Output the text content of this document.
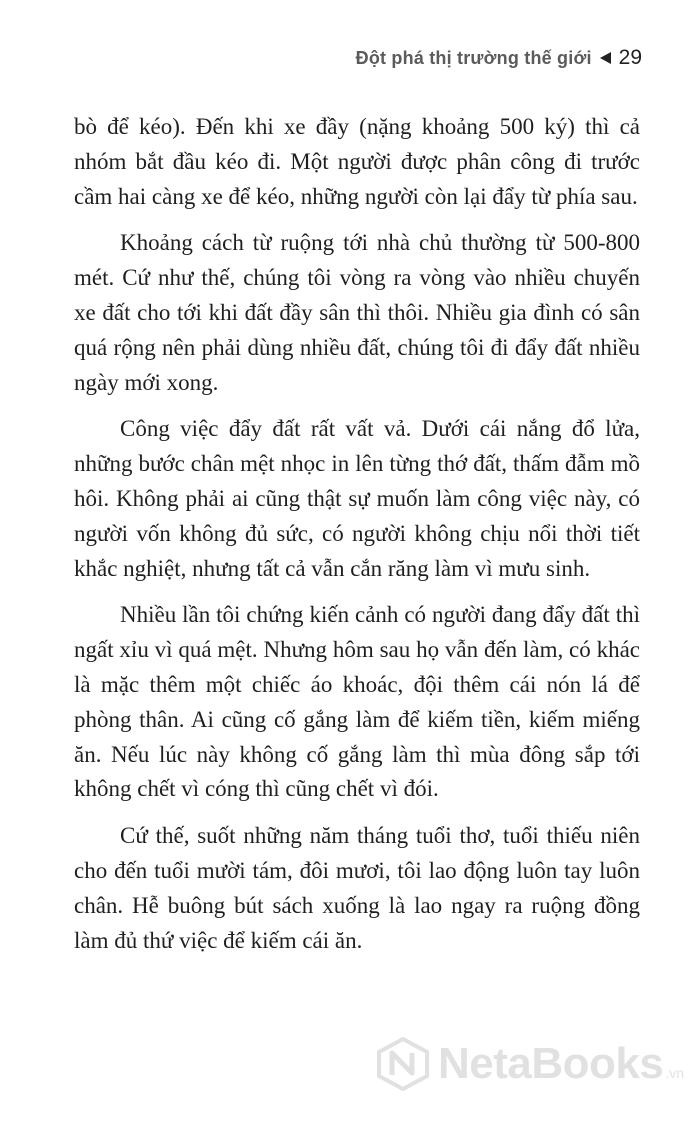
Đột phá thị trường thế giới 29

bò để kéo). Đến khi xe đầy (nặng khoảng 500 ký) thì cả nhóm bắt đầu kéo đi. Một người được phân công đi trước cầm hai càng xe để kéo, những người còn lại đẩy từ phía sau.

Khoảng cách từ ruộng tới nhà chủ thường từ 500-800 mét. Cứ như thế, chúng tôi vòng ra vòng vào nhiều chuyến xe đất cho tới khi đất đầy sân thì thôi. Nhiều gia đình có sân quá rộng nên phải dùng nhiều đất, chúng tôi đi đẩy đất nhiều ngày mới xong.

Công việc đẩy đất rất vất vả. Dưới cái nắng đổ lửa, những bước chân mệt nhọc in lên từng thớ đất, thấm đẫm mồ hôi. Không phải ai cũng thật sự muốn làm công việc này, có người vốn không đủ sức, có người không chịu nổi thời tiết khắc nghiệt, nhưng tất cả vẫn cắn răng làm vì mưu sinh.

Nhiều lần tôi chứng kiến cảnh có người đang đẩy đất thì ngất xỉu vì quá mệt. Nhưng hôm sau họ vẫn đến làm, có khác là mặc thêm một chiếc áo khoác, đội thêm cái nón lá để phòng thân. Ai cũng cố gắng làm để kiếm tiền, kiếm miếng ăn. Nếu lúc này không cố gắng làm thì mùa đông sắp tới không chết vì cóng thì cũng chết vì đói.

Cứ thế, suốt những năm tháng tuổi thơ, tuổi thiếu niên cho đến tuổi mười tám, đôi mươi, tôi lao động luôn tay luôn chân. Hễ buông bút sách xuống là lao ngay ra ruộng đồng làm đủ thứ việc để kiếm cái ăn.

NetaBooks .vn
